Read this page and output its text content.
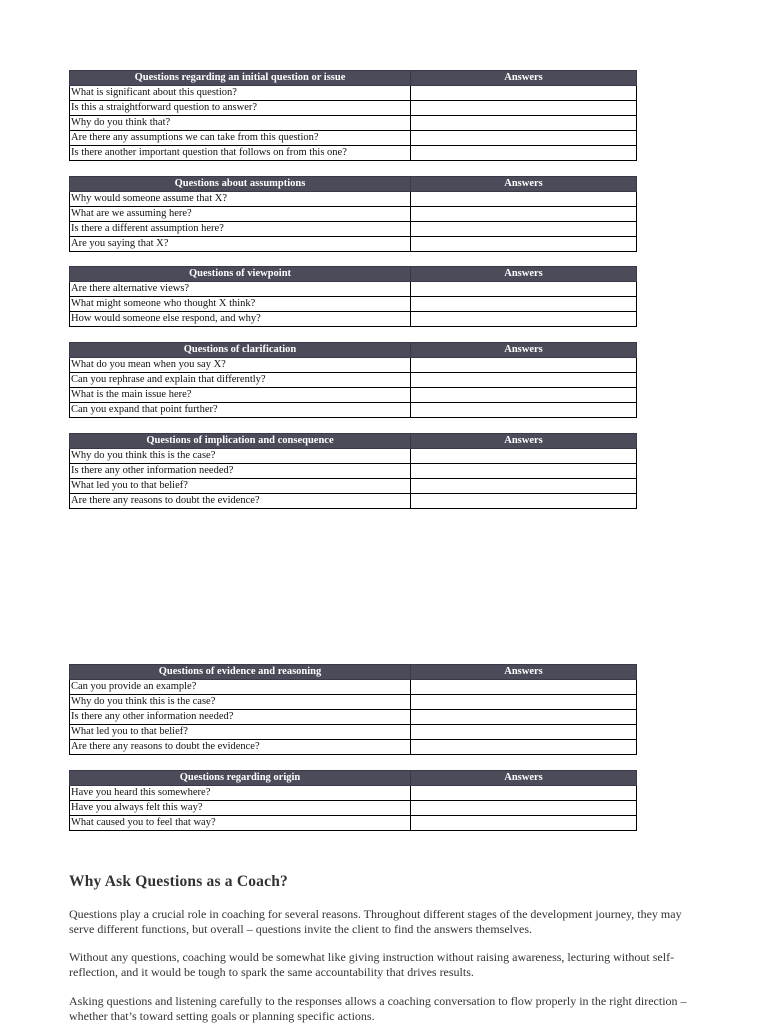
Questions regarding an initial question or issue	Answers
What is significant about this question?	
Is this a straightforward question to answer?	
Why do you think that?	
Are there any assumptions we can take from this question?	
Is there another important question that follows on from this one?	
Questions about assumptions	Answers
Why would someone assume that X?	
What are we assuming here?	
Is there a different assumption here?	
Are you saying that X?	
Questions of viewpoint	Answers
Are there alternative views?	
What might someone who thought X think?	
How would someone else respond, and why?	
Questions of clarification	Answers
What do you mean when you say X?	
Can you rephrase and explain that differently?	
What is the main issue here?	
Can you expand that point further?	
Questions of implication and consequence	Answers
Why do you think this is the case?	
Is there any other information needed?	
What led you to that belief?	
Are there any reasons to doubt the evidence?	
Questions of evidence and reasoning	Answers
Can you provide an example?	
Why do you think this is the case?	
Is there any other information needed?	
What led you to that belief?	
Are there any reasons to doubt the evidence?	
Questions regarding origin	Answers
Have you heard this somewhere?	
Have you always felt this way?	
What caused you to feel that way?	
Why Ask Questions as a Coach?

Questions play a crucial role in coaching for several reasons. Throughout different stages of the development journey, they may serve different functions, but overall – questions invite the client to find the answers themselves.

Without any questions, coaching would be somewhat like giving instruction without raising awareness, lecturing without self-reflection, and it would be tough to spark the same accountability that drives results.

Asking questions and listening carefully to the responses allows a coaching conversation to flow properly in the right direction – whether that’s toward setting goals or planning specific actions.
